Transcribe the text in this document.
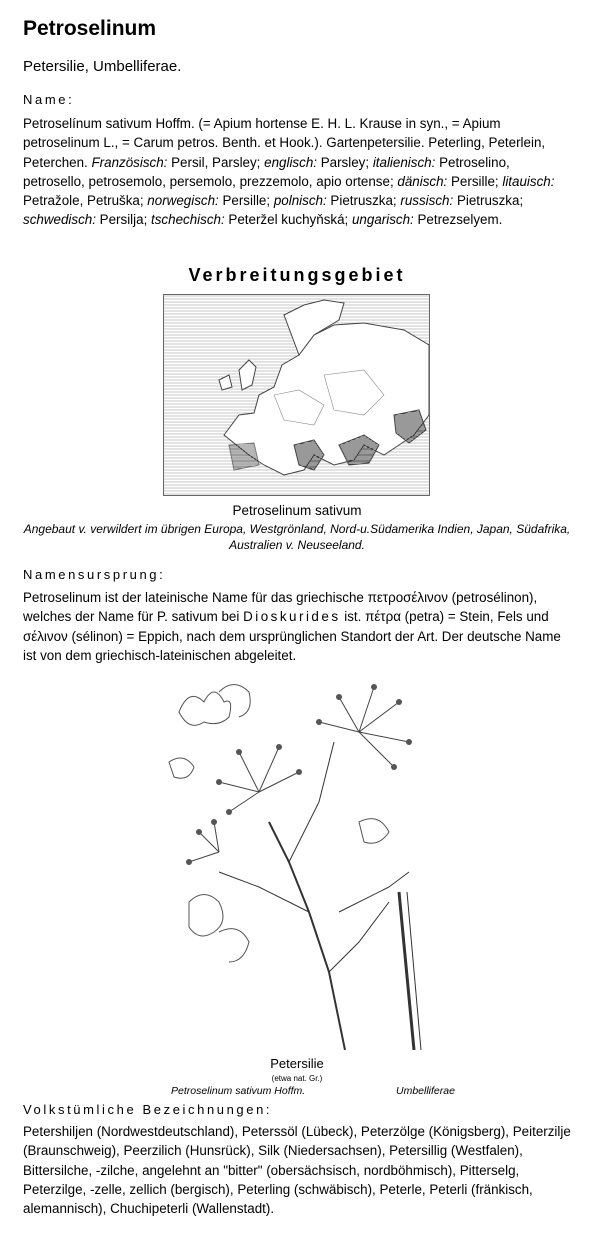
Petroselinum
Petersilie, Umbelliferae.
Name:
Petroselínum sativum Hoffm. (= Apium hortense E. H. L. Krause in syn., = Apium petroselinum L., = Carum petros. Benth. et Hook.). Gartenpetersilie. Peterling, Peterlein, Peterchen. Französisch: Persil, Parsley; englisch: Parsley; italienisch: Petroselino, petrosello, petrosemolo, persemolo, prezzemolo, apio ortense; dänisch: Persille; litauisch: Petražole, Petruška; norwegisch: Persille; polnisch: Pietruszka; russisch: Pietruszka; schwedisch: Persilja; tschechisch: Peteržel kuchyňská; ungarisch: Petrezselyem.
Verbreitungsgebiet
Petroselinum sativum
Angebaut v. verwildert im übrigen Europa, Westgrönland, Nord-u.Südamerika Indien, Japan, Südafrika, Australien v. Neuseeland.
Namensursprung:
Petroselinum ist der lateinische Name für das griechische πετροσέλινον (petrosélinon), welches der Name für P. sativum bei Dioskurides ist. πέτρα (petra) = Stein, Fels und σέλινον (sélinon) = Eppich, nach dem ursprünglichen Standort der Art. Der deutsche Name ist von dem griechisch-lateinischen abgeleitet.
Petersilie
(etwa nat. Gr.)
Petroselinum sativum Hoffm.	Umbelliferae
Volkstümliche Bezeichnungen:
Petershiljen (Nordwestdeutschland), Peterssöl (Lübeck), Peterzölge (Königsberg), Peiterzilje (Braunschweig), Peerzilich (Hunsrück), Silk (Niedersachsen), Petersillig (Westfalen), Bittersilche, -zilche, angelehnt an "bitter" (obersächsisch, nordböhmisch), Pitterselg, Peterzilge, -zelle, zellich (bergisch), Peterling (schwäbisch), Peterle, Peterli (fränkisch, alemannisch), Chuchipeterli (Wallenstadt).
